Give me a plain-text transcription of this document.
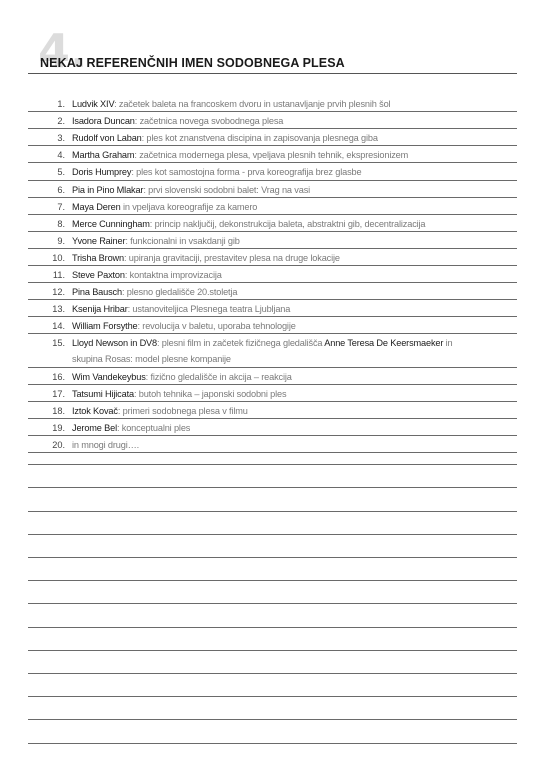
4.
NEKAJ REFERENČNIH IMEN SODOBNEGA PLESA
1. Ludvik XIV: začetek baleta na francoskem dvoru in ustanavljanje prvih plesnih šol
2. Isadora Duncan: začetnica novega svobodnega plesa
3. Rudolf von Laban: ples kot znanstvena discipina in zapisovanja plesnega giba
4. Martha Graham: začetnica modernega plesa, vpeljava plesnih tehnik, ekspresionizem
5. Doris Humprey: ples kot samostojna forma - prva koreografija brez glasbe
6. Pia in Pino Mlakar: prvi slovenski sodobni balet: Vrag na vasi
7. Maya Deren in vpeljava koreografije za kamero
8. Merce Cunningham: princip naključij, dekonstrukcija baleta, abstraktni gib, decentralizacija
9. Yvone Rainer: funkcionalni in vsakdanji gib
10. Trisha Brown: upiranja gravitaciji, prestavitev plesa na druge lokacije
11. Steve Paxton: kontaktna improvizacija
12. Pina Bausch: plesno gledališče 20.stoletja
13. Ksenija Hribar: ustanoviteljica Plesnega teatra Ljubljana
14. William Forsythe: revolucija v baletu, uporaba tehnologije
15. Lloyd Newson in DV8: plesni film in začetek fizičnega gledališča Anne Teresa De Keersmaeker in skupina Rosas: model plesne kompanije
16. Wim Vandekeybus: fizično gledališče in akcija – reakcija
17. Tatsumi Hijicata: butoh tehnika – japonski sodobni ples
18. Iztok Kovač: primeri sodobnega plesa v filmu
19. Jerome Bel: konceptualni ples
20. in mnogi drugi….
